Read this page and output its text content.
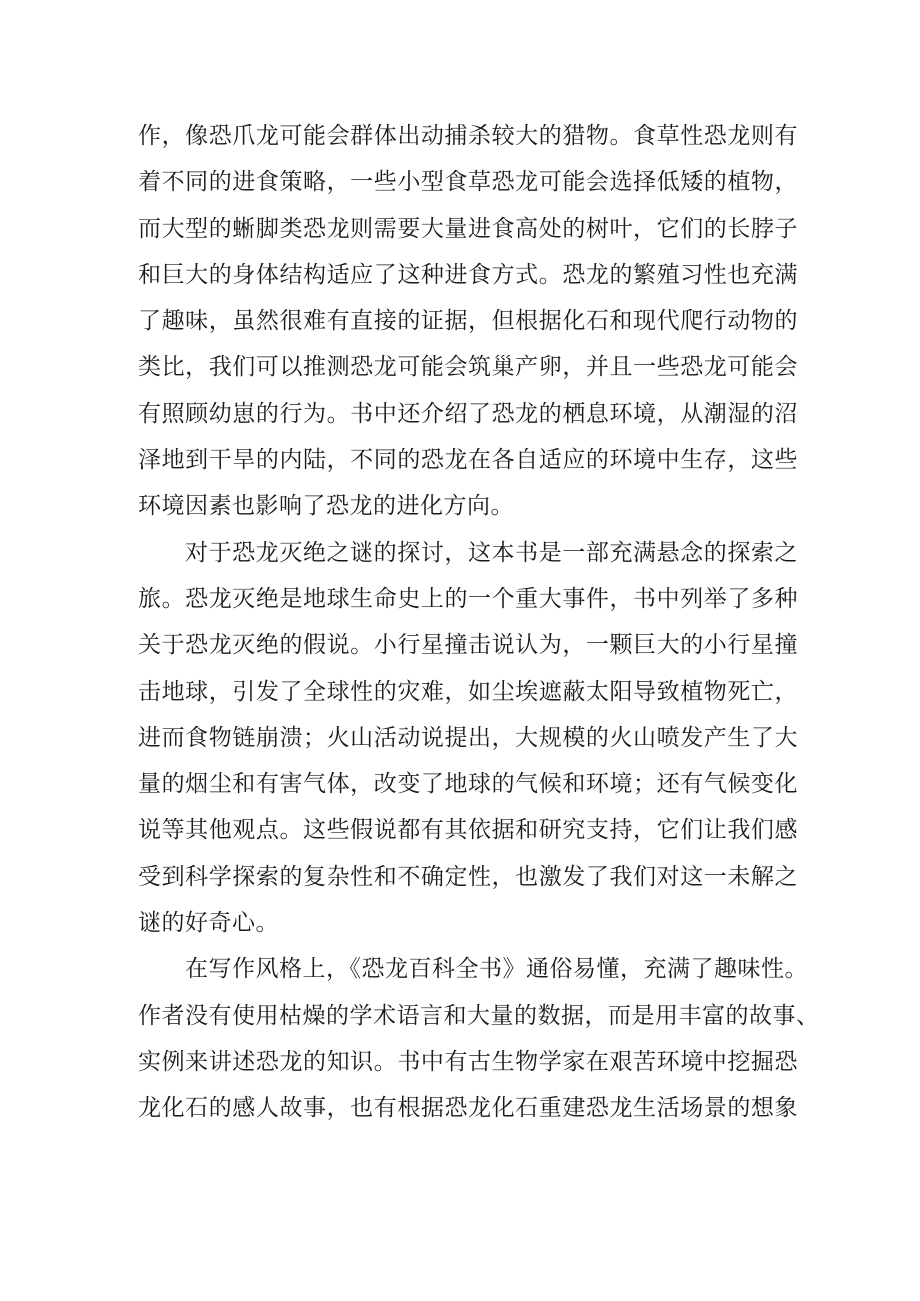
作，像恐爪龙可能会群体出动捕杀较大的猎物。食草性恐龙则有
着不同的进食策略，一些小型食草恐龙可能会选择低矮的植物，
而大型的蜥脚类恐龙则需要大量进食高处的树叶，它们的长脖子
和巨大的身体结构适应了这种进食方式。恐龙的繁殖习性也充满
了趣味，虽然很难有直接的证据，但根据化石和现代爬行动物的
类比，我们可以推测恐龙可能会筑巢产卵，并且一些恐龙可能会
有照顾幼崽的行为。书中还介绍了恐龙的栖息环境，从潮湿的沼
泽地到干旱的内陆，不同的恐龙在各自适应的环境中生存，这些
环境因素也影响了恐龙的进化方向。
对于恐龙灭绝之谜的探讨，这本书是一部充满悬念的探索之
旅。恐龙灭绝是地球生命史上的一个重大事件，书中列举了多种
关于恐龙灭绝的假说。小行星撞击说认为，一颗巨大的小行星撞
击地球，引发了全球性的灾难，如尘埃遮蔽太阳导致植物死亡，
进而食物链崩溃；火山活动说提出，大规模的火山喷发产生了大
量的烟尘和有害气体，改变了地球的气候和环境；还有气候变化
说等其他观点。这些假说都有其依据和研究支持，它们让我们感
受到科学探索的复杂性和不确定性，也激发了我们对这一未解之
谜的好奇心。
在写作风格上，《恐龙百科全书》通俗易懂，充满了趣味性。
作者没有使用枯燥的学术语言和大量的数据，而是用丰富的故事、
实例来讲述恐龙的知识。书中有古生物学家在艰苦环境中挖掘恐
龙化石的感人故事，也有根据恐龙化石重建恐龙生活场景的想象
